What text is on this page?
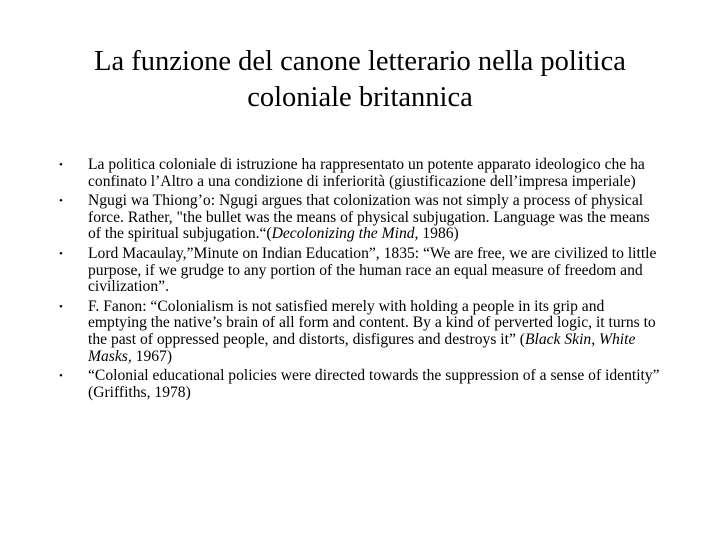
La funzione del canone letterario nella politica
coloniale britannica
• La politica coloniale di istruzione ha rappresentato un potente apparato ideologico che ha confinato l’Altro a una condizione di inferiorità (giustificazione dell’impresa imperiale)
• Ngugi wa Thiong’o: Ngugi argues that colonization was not simply a process of physical force. Rather, "the bullet was the means of physical subjugation. Language was the means of the spiritual subjugation.“(Decolonizing the Mind, 1986)
• Lord Macaulay,”Minute on Indian Education”, 1835: “We are free, we are civilized to little purpose, if we grudge to any portion of the human race an equal measure of freedom and civilization”.
• F. Fanon: “Colonialism is not satisfied merely with holding a people in its grip and emptying the native’s brain of all form and content. By a kind of perverted logic, it turns to the past of oppressed people, and distorts, disfigures and destroys it” (Black Skin, White Masks, 1967)
• “Colonial educational policies were directed towards the suppression of a sense of identity” (Griffiths, 1978)
